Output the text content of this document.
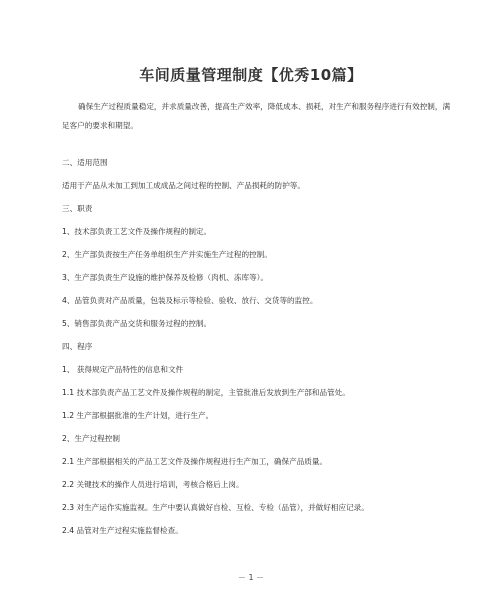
车间质量管理制度【优秀10篇】
确保生产过程质量稳定，并求质量改善，提高生产效率，降低成本、损耗，对生产和服务程序进行有效控制，满足客户的要求和期望。
二、适用范围
适用于产品从未加工到加工成成品之间过程的控制、产品损耗的防护等。
三、职责
1、技术部负责工艺文件及操作规程的制定。
2、生产部负责按生产任务单组织生产并实施生产过程的控制。
3、生产部负责生产设施的维护保养及检修（肉机、冻库等）。
4、品管负责对产品质量，包装及标示等检验、验收、放行、交货等的监控。
5、销售部负责产品交货和服务过程的控制。
四、程序
1、 获得规定产品特性的信息和文件
1.1 技术部负责产品工艺文件及操作规程的制定，主管批准后发放到生产部和品管处。
1.2 生产部根据批准的生产计划，进行生产。
2、生产过程控制
2.1 生产部根据相关的产品工艺文件及操作规程进行生产加工，确保产品质量。
2.2 关键技术的操作人员进行培训，考核合格后上岗。
2.3 对生产运作实施监视。生产中要认真做好自检、互检、专检（品管），并做好相应记录。
2.4 品管对生产过程实施监督检查。
－ 1 －
